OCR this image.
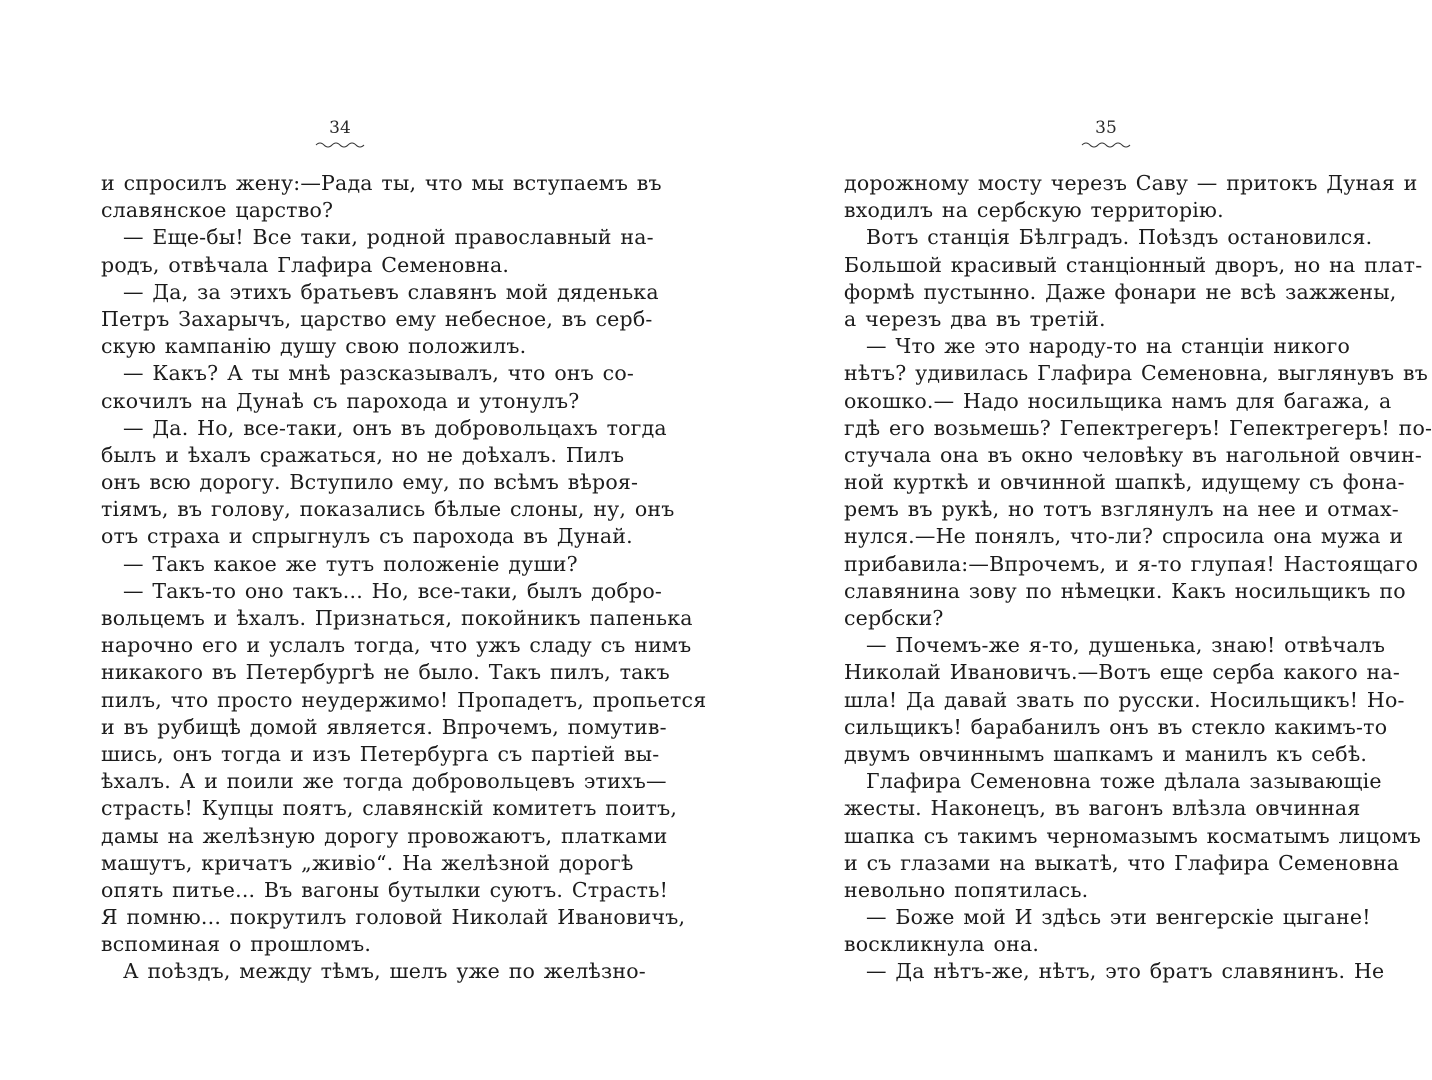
34
и спросилъ жену:—Рада ты, что мы вступаемъ въ
славянское царство?
— Еще-бы! Все таки, родной православный на-
родъ, отвѣчала Глафира Семеновна.
— Да, за этихъ братьевъ славянъ мой дяденька
Петръ Захарычъ, царство ему небесное, въ серб-
скую кампанію душу свою положилъ.
— Какъ? А ты мнѣ разсказывалъ, что онъ со-
скочилъ на Дунаѣ съ парохода и утонулъ?
— Да. Но, все-таки, онъ въ добровольцахъ тогда
былъ и ѣхалъ сражаться, но не доѣхалъ. Пилъ
онъ всю дорогу. Вступило ему, по всѣмъ вѣроя-
тіямъ, въ голову, показались бѣлые слоны, ну, онъ
отъ страха и спрыгнулъ съ парохода въ Дунай.
— Такъ какое же тутъ положеніе души?
— Такъ-то оно такъ... Но, все-таки, былъ добро-
вольцемъ и ѣхалъ. Признаться, покойникъ папенька
нарочно его и услалъ тогда, что ужъ сладу съ нимъ
никакого въ Петербургѣ не было. Такъ пилъ, такъ
пилъ, что просто неудержимо! Пропадетъ, пропьется
и въ рубищѣ домой является. Впрочемъ, помутив-
шись, онъ тогда и изъ Петербурга съ партіей вы-
ѣхалъ. А и поили же тогда добровольцевъ этихъ—
страсть! Купцы поятъ, славянскій комитетъ поитъ,
дамы на желѣзную дорогу провожаютъ, платками
машутъ, кричатъ „живіо“. На желѣзной дорогѣ
опять питье... Въ вагоны бутылки суютъ. Страсть!
Я помню... покрутилъ головой Николай Ивановичъ,
вспоминая о прошломъ.
А поѣздъ, между тѣмъ, шелъ уже по желѣзно-
35
дорожному мосту черезъ Саву — притокъ Дуная и
входилъ на сербскую территорію.
Вотъ станція Бѣлградъ. Поѣздъ остановился.
Большой красивый станціонный дворъ, но на плат-
формѣ пустынно. Даже фонари не всѣ зажжены,
а черезъ два въ третій.
— Что же это народу-то на станціи никого
нѣтъ? удивилась Глафира Семеновна, выглянувъ въ
окошко.— Надо носильщика намъ для багажа, а
гдѣ его возьмешь? Гепектрегеръ! Гепектрегеръ! по-
стучала она въ окно человѣку въ нагольной овчин-
ной курткѣ и овчинной шапкѣ, идущему съ фона-
ремъ въ рукѣ, но тотъ взглянулъ на нее и отмах-
нулся.—Не понялъ, что-ли? спросила она мужа и
прибавила:—Впрочемъ, и я-то глупая! Настоящаго
славянина зову по нѣмецки. Какъ носильщикъ по
сербски?
— Почемъ-же я-то, душенька, знаю! отвѣчалъ
Николай Ивановичъ.—Вотъ еще серба какого на-
шла! Да давай звать по русски. Носильщикъ! Но-
сильщикъ! барабанилъ онъ въ стекло какимъ-то
двумъ овчиннымъ шапкамъ и манилъ къ себѣ.
Глафира Семеновна тоже дѣлала зазывающіе
жесты. Наконецъ, въ вагонъ влѣзла овчинная
шапка съ такимъ черномазымъ косматымъ лицомъ
и съ глазами на выкатѣ, что Глафира Семеновна
невольно попятилась.
— Боже мой И здѣсь эти венгерскіе цыгане!
воскликнула она.
— Да нѣтъ-же, нѣтъ, это братъ славянинъ. Не
